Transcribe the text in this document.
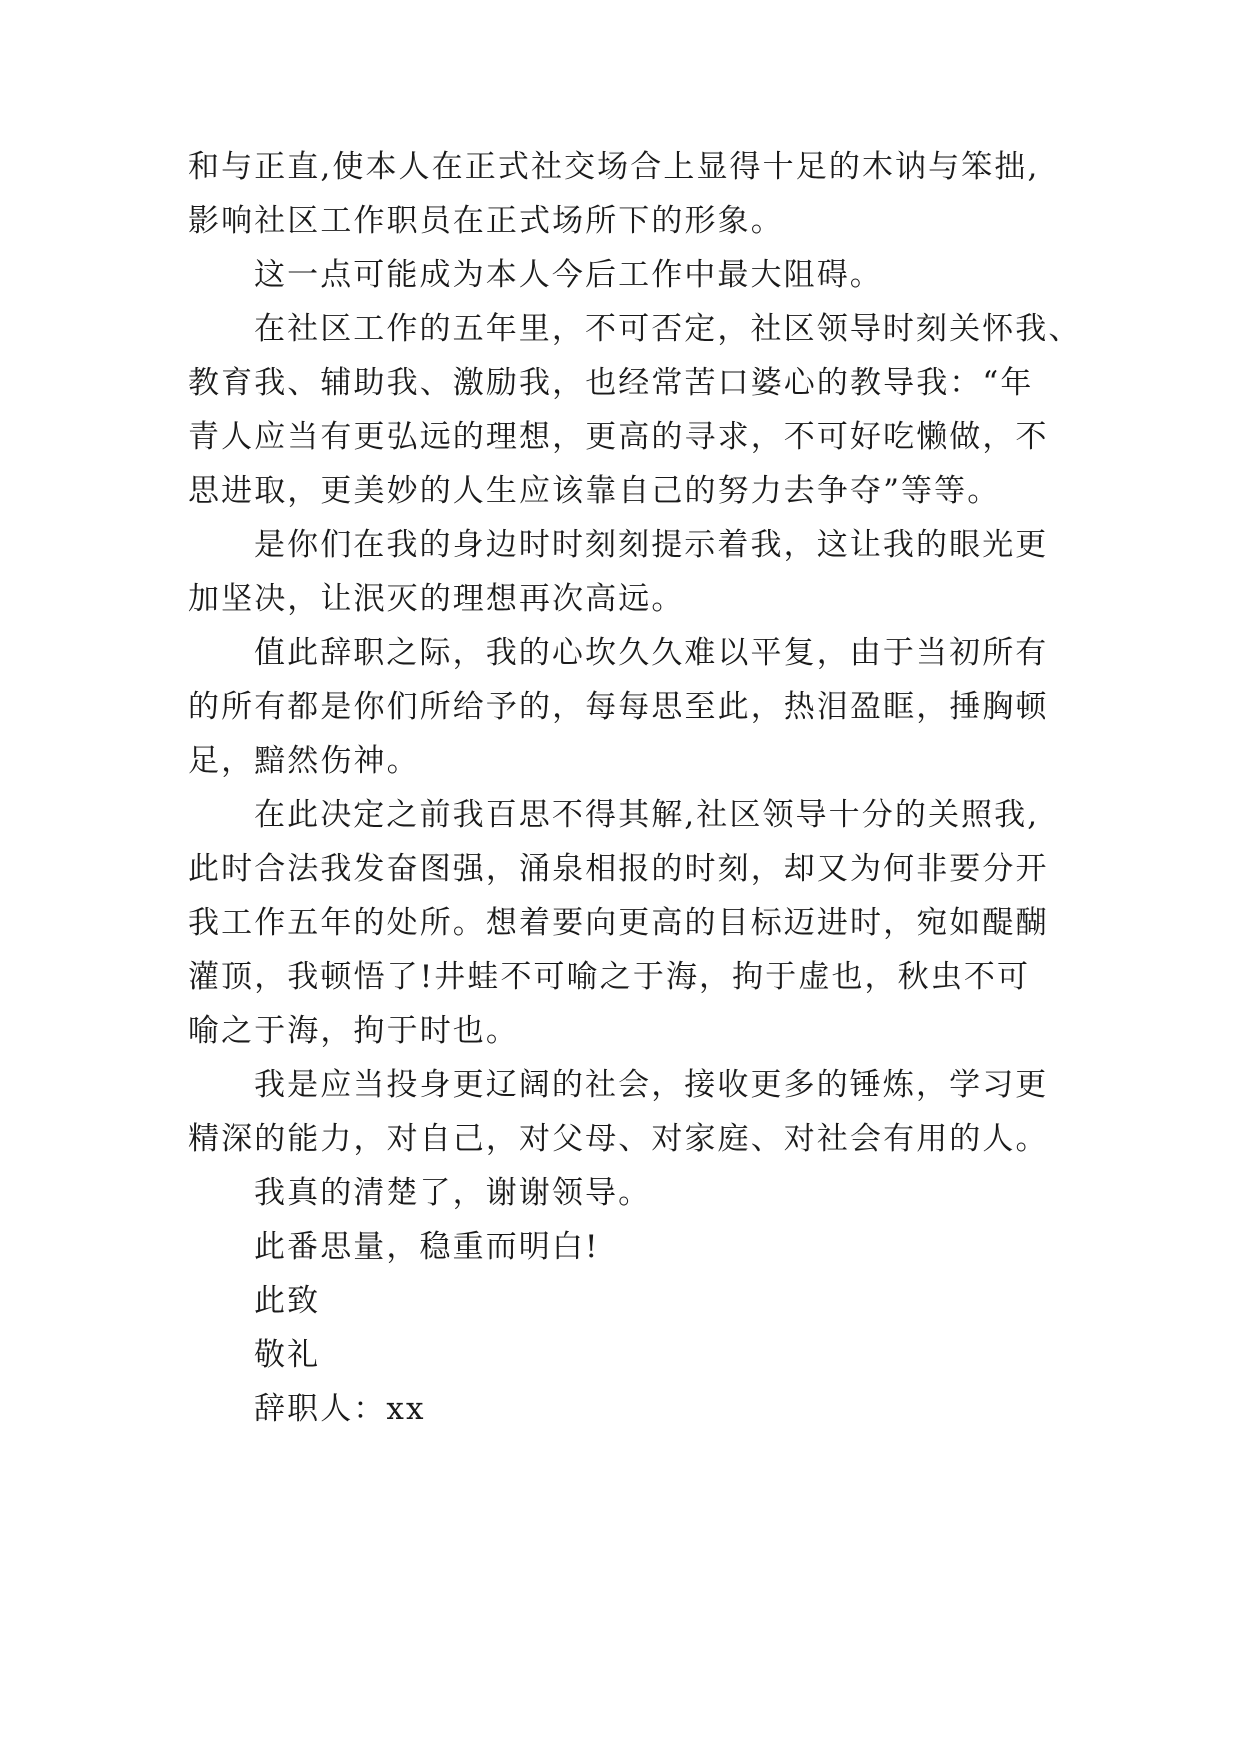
和与正直,使本人在正式社交场合上显得十足的木讷与笨拙,
影响社区工作职员在正式场所下的形象。
这一点可能成为本人今后工作中最大阻碍。
在社区工作的五年里，不可否定，社区领导时刻关怀我、
教育我、辅助我、激励我，也经常苦口婆心的教导我：“年
青人应当有更弘远的理想，更高的寻求，不可好吃懒做，不
思进取，更美妙的人生应该靠自己的努力去争夺”等等。
是你们在我的身边时时刻刻提示着我，这让我的眼光更
加坚决，让泯灭的理想再次高远。
值此辞职之际，我的心坎久久难以平复，由于当初所有
的所有都是你们所给予的，每每思至此，热泪盈眶，捶胸顿
足，黯然伤神。
在此决定之前我百思不得其解,社区领导十分的关照我,
此时合法我发奋图强，涌泉相报的时刻，却又为何非要分开
我工作五年的处所。想着要向更高的目标迈进时，宛如醍醐
灌顶，我顿悟了!井蛙不可喻之于海，拘于虚也，秋虫不可
喻之于海，拘于时也。
我是应当投身更辽阔的社会，接收更多的锤炼，学习更
精深的能力，对自己，对父母、对家庭、对社会有用的人。
我真的清楚了，谢谢领导。
此番思量，稳重而明白!
此致
敬礼
辞职人：xx
